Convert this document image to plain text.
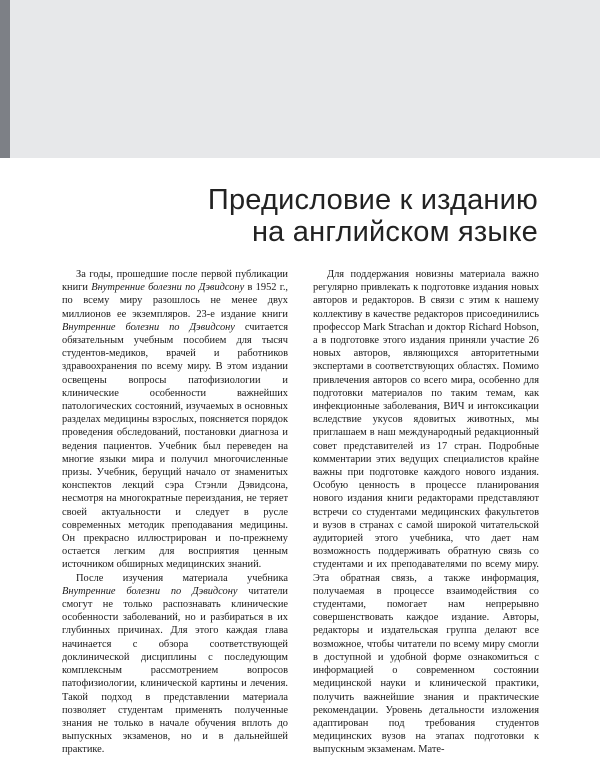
Предисловие к изданию
на английском языке

За годы, прошедшие после первой публикации книги Внутренние болезни по Дэвидсону в 1952 г., по всему миру разошлось не менее двух миллионов ее экземпляров. 23-е издание книги Внутренние болезни по Дэвидсону считается обязательным учебным пособием для тысяч студентов-медиков, врачей и работников здравоохранения по всему миру. В этом издании освещены вопросы патофизиологии и клинические особенности важнейших патологических состояний, изучаемых в основных разделах медицины взрослых, поясняется порядок проведения обследований, постановки диагноза и ведения пациентов. Учебник был переведен на многие языки мира и получил многочисленные призы. Учебник, берущий начало от знаменитых конспектов лекций сэра Стэнли Дэвидсона, несмотря на многократные переиздания, не теряет своей актуальности и следует в русле современных методик преподавания медицины. Он прекрасно иллюстрирован и по-прежнему остается легким для восприятия ценным источником обширных медицинских знаний.

После изучения материала учебника Внутренние болезни по Дэвидсону читатели смогут не только распознавать клинические особенности заболеваний, но и разбираться в их глубинных причинах. Для этого каждая глава начинается с обзора соответствующей доклинической дисциплины с последующим комплексным рассмотрением вопросов патофизиологии, клинической картины и лечения. Такой подход в представлении материала позволяет студентам применять полученные знания не только в начале обучения вплоть до выпускных экзаменов, но и в дальнейшей практике.

Для поддержания новизны материала важно регулярно привлекать к подготовке издания новых авторов и редакторов. В связи с этим к нашему коллективу в качестве редакторов присоединились профессор Mark Strachan и доктор Richard Hobson, а в подготовке этого издания приняли участие 26 новых авторов, являющихся авторитетными экспертами в соответствующих областях. Помимо привлечения авторов со всего мира, особенно для подготовки материалов по таким темам, как инфекционные заболевания, ВИЧ и интоксикации вследствие укусов ядовитых животных, мы приглашаем в наш международный редакционный совет представителей из 17 стран. Подробные комментарии этих ведущих специалистов крайне важны при подготовке каждого нового издания. Особую ценность в процессе планирования нового издания книги редакторами представляют встречи со студентами медицинских факультетов и вузов в странах с самой широкой читательской аудиторией этого учебника, что дает нам возможность поддерживать обратную связь со студентами и их преподавателями по всему миру. Эта обратная связь, а также информация, получаемая в процессе взаимодействия со студентами, помогает нам непрерывно совершенствовать каждое издание. Авторы, редакторы и издательская группа делают все возможное, чтобы читатели по всему миру смогли в доступной и удобной форме ознакомиться с информацией о современном состоянии медицинской науки и клинической практики, получить важнейшие знания и практические рекомендации. Уровень детальности изложения адаптирован под требования студентов медицинских вузов на этапах подготовки к выпускным экзаменам. Мате-
